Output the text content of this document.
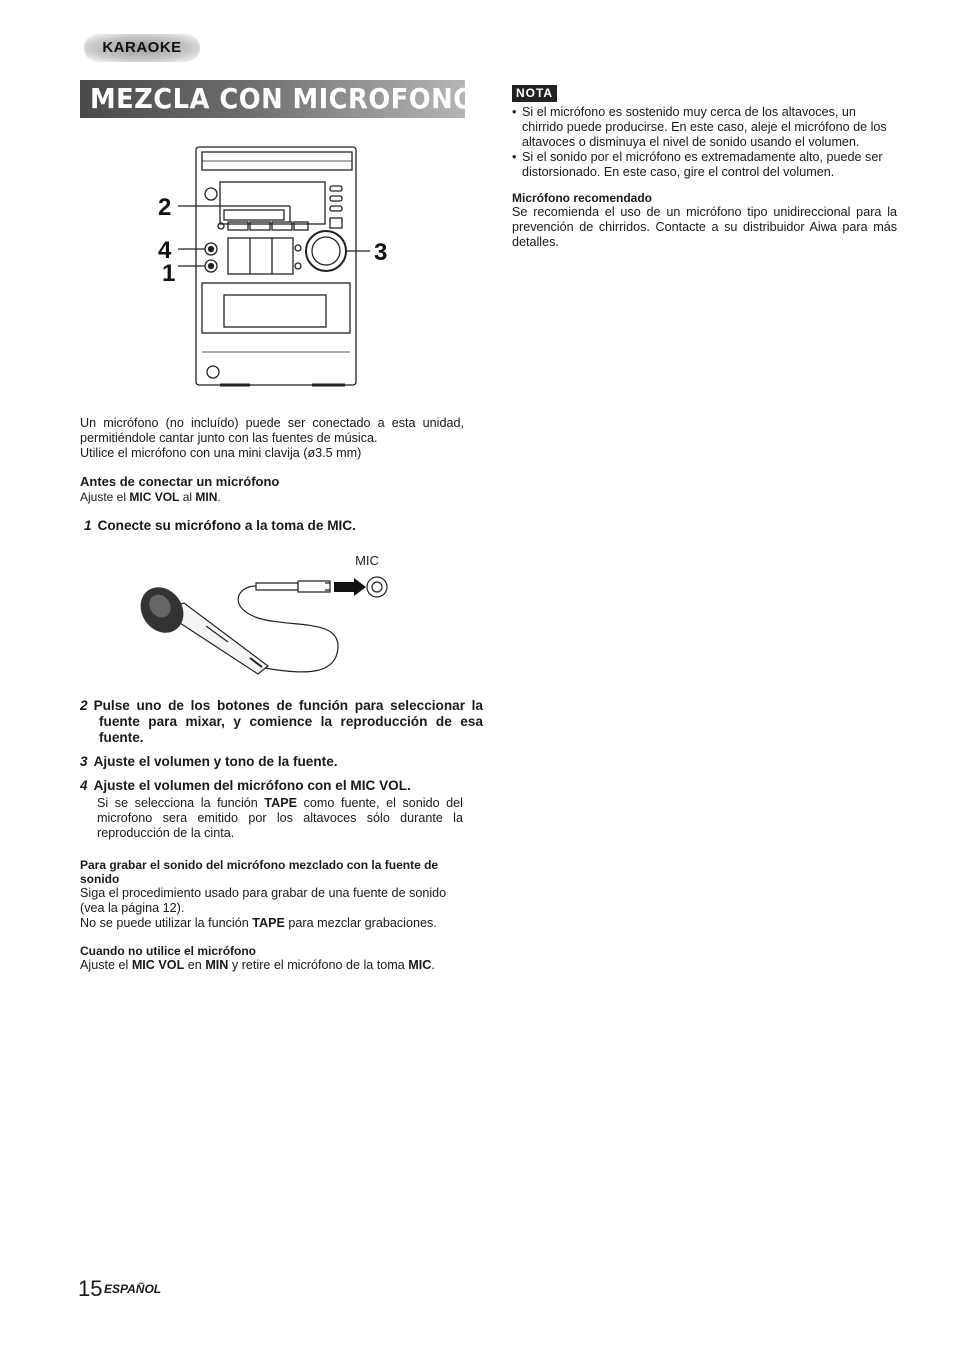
KARAOKE
MEZCLA CON MICROFONO
2
4
1
3

Un micrófono (no incluído) puede ser conectado a esta unidad, permitiéndole cantar junto con las fuentes de música.

Utilice el micrófono con una mini clavija (ø3.5 mm)

Antes de conectar un micrófono

Ajuste el MIC VOL al MIN.

1 Conecte su micrófono a la toma de MIC.

MIC

2 Pulse uno de los botones de función para seleccionar la fuente para mixar, y comience la reproducción de esa fuente.

3 Ajuste el volumen y tono de la fuente.

4 Ajuste el volumen del micrófono con el MIC VOL.

Si se selecciona la función TAPE como fuente, el sonido del microfono sera emitido por los altavoces sólo durante la reproducción de la cinta.

Para grabar el sonido del micrófono mezclado con la fuente de sonido

Siga el procedimiento usado para grabar de una fuente de sonido (vea la página 12).

No se puede utilizar la función TAPE para mezclar grabaciones.

Cuando no utilice el micrófono

Ajuste el MIC VOL en MIN y retire el micrófono de la toma MIC.

NOTA

• Si el micrófono es sostenido muy cerca de los altavoces, un chirrido puede producirse. En este caso, aleje el micrófono de los altavoces o disminuya el nivel de sonido usando el volumen.

• Si el sonido por el micrófono es extremadamente alto, puede ser distorsionado. En este caso, gire el control del volumen.

Micrófono recomendado

Se recomienda el uso de un micrófono tipo unidireccional para la prevención de chirridos. Contacte a su distribuidor Aiwa para más detalles.

15 ESPAÑOL
